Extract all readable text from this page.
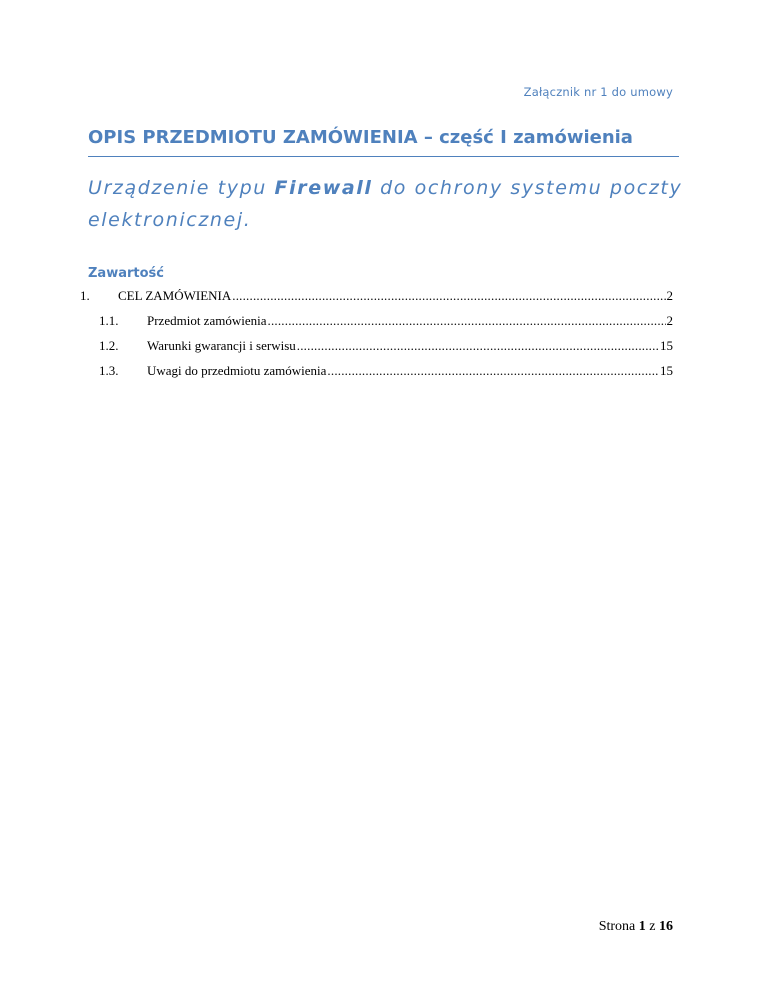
Załącznik nr 1 do umowy
OPIS PRZEDMIOTU ZAMÓWIENIA – część I zamówienia
Urządzenie typu Firewall do ochrony systemu poczty elektronicznej.
Zawartość
1.	CEL ZAMÓWIENIA .....	2
1.1.	Przedmiot zamówienia .....	2
1.2.	Warunki gwarancji i serwisu .....	15
1.3.	Uwagi do przedmiotu zamówienia .....	15
Strona 1 z 16
